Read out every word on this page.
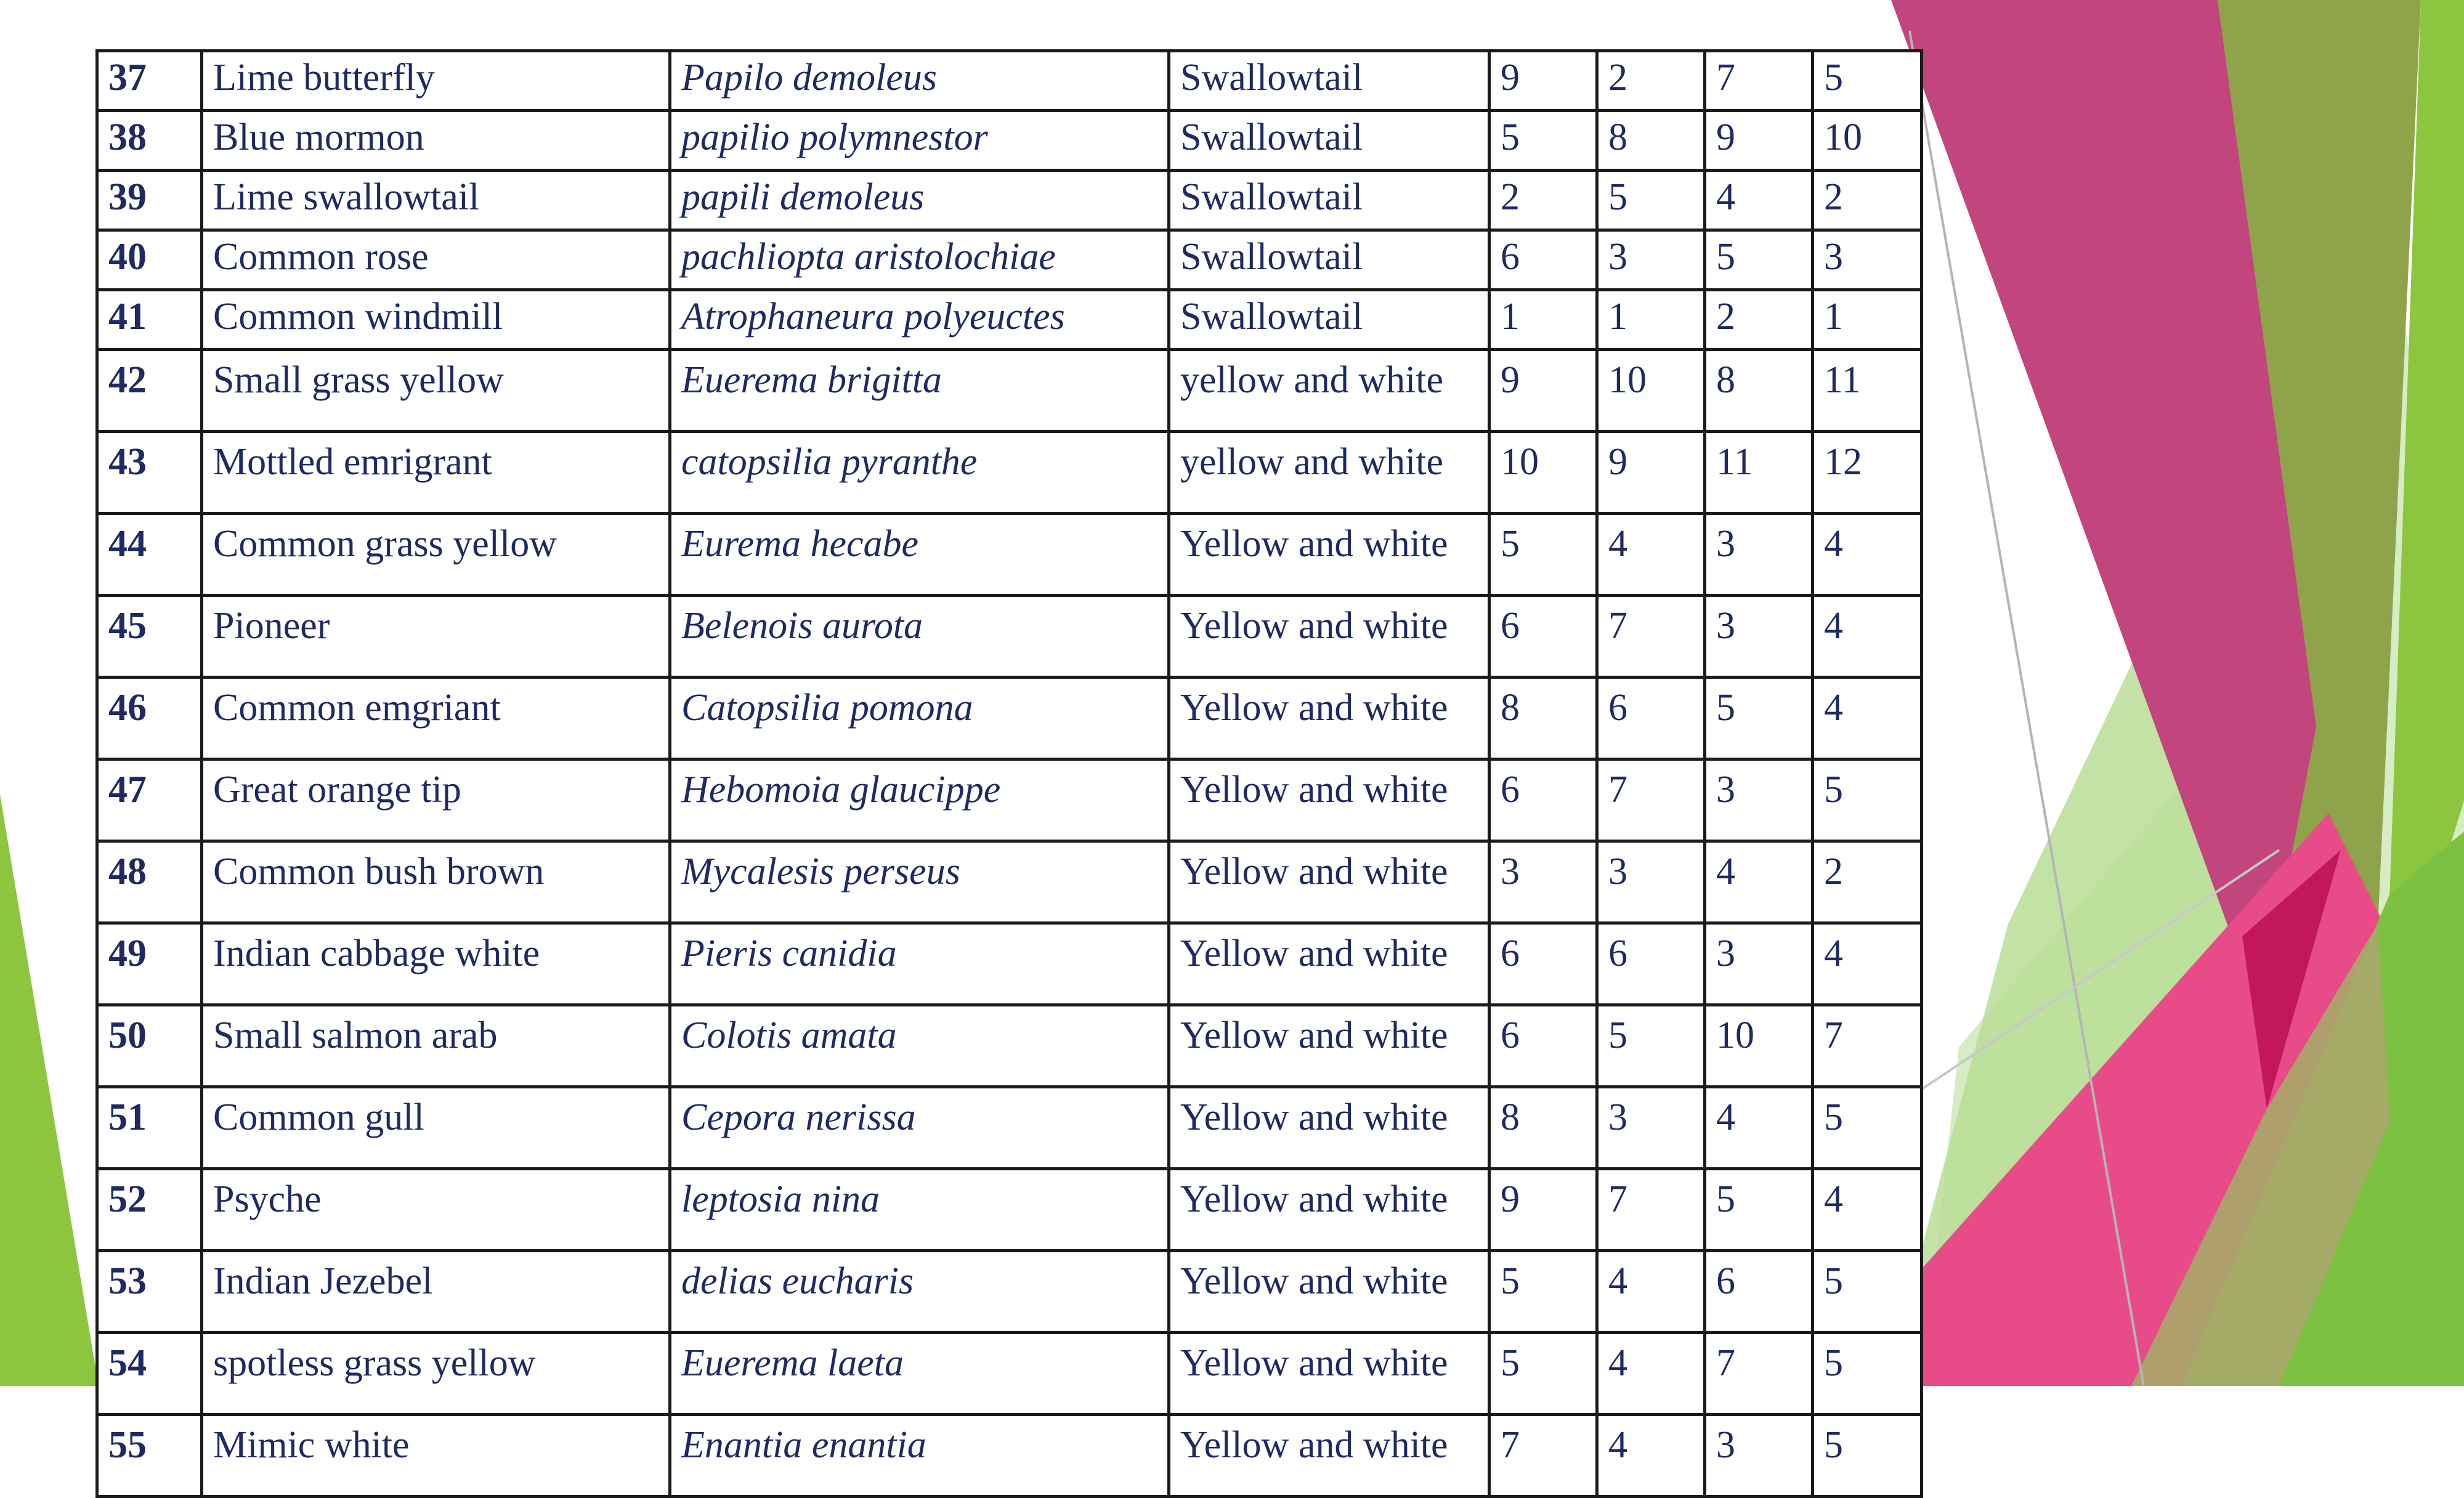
37	Lime butterfly	Papilo demoleus	Swallowtail	9	2	7	5
38	Blue mormon	papilio polymnestor	Swallowtail	5	8	9	10
39	Lime swallowtail	papili demoleus	Swallowtail	2	5	4	2
40	Common rose	pachliopta aristolochiae	Swallowtail	6	3	5	3
41	Common windmill	Atrophaneura polyeuctes	Swallowtail	1	1	2	1
42	Small grass yellow	Euerema brigitta	yellow and white	9	10	8	11
43	Mottled emrigrant	catopsilia pyranthe	yellow and white	10	9	11	12
44	Common grass yellow	Eurema hecabe	Yellow and white	5	4	3	4
45	Pioneer	Belenois aurota	Yellow and white	6	7	3	4
46	Common emgriant	Catopsilia pomona	Yellow and white	8	6	5	4
47	Great orange tip	Hebomoia glaucippe	Yellow and white	6	7	3	5
48	Common bush brown	Mycalesis perseus	Yellow and white	3	3	4	2
49	Indian cabbage white	Pieris canidia	Yellow and white	6	6	3	4
50	Small salmon arab	Colotis amata	Yellow and white	6	5	10	7
51	Common gull	Cepora nerissa	Yellow and white	8	3	4	5
52	Psyche	leptosia nina	Yellow and white	9	7	5	4
53	Indian Jezebel	delias eucharis	Yellow and white	5	4	6	5
54	spotless grass yellow	Euerema laeta	Yellow and white	5	4	7	5
55	Mimic white	Enantia enantia	Yellow and white	7	4	3	5
